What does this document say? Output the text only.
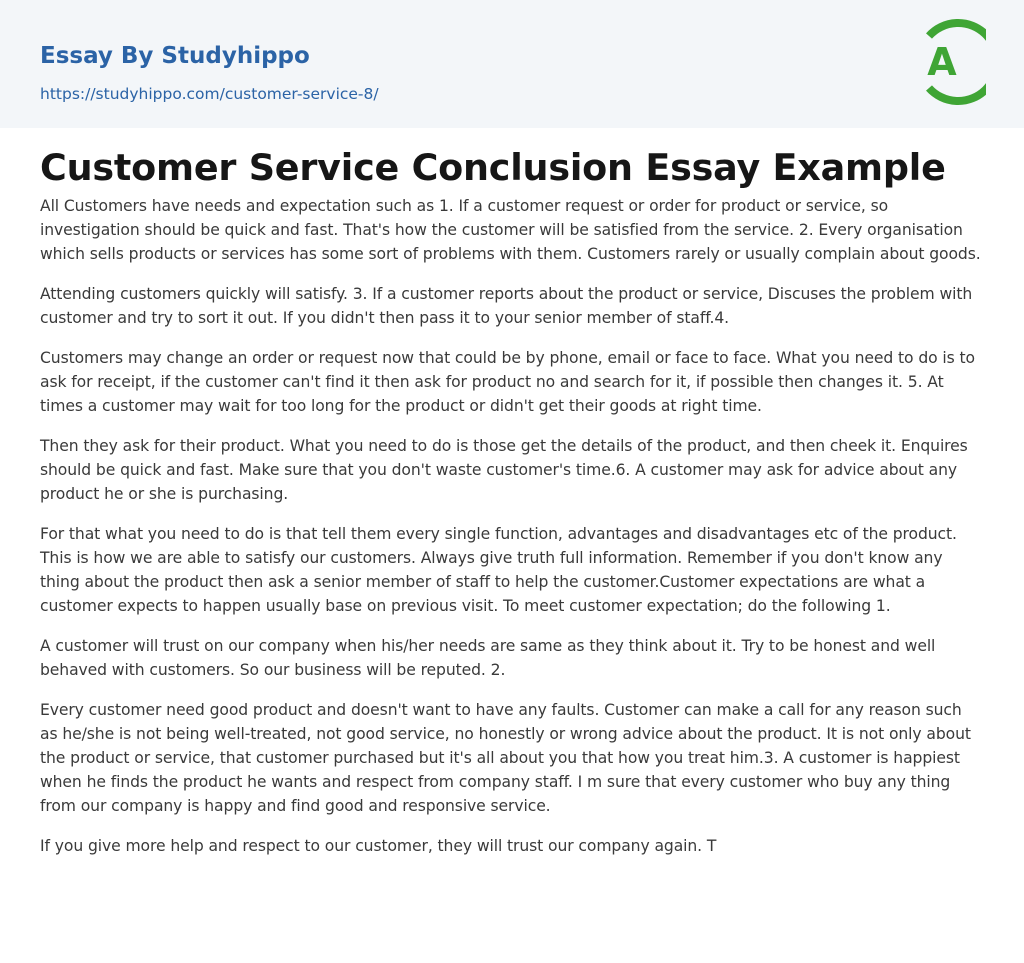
Essay By Studyhippo
https://studyhippo.com/customer-service-8/
A
Customer Service Conclusion Essay Example

All Customers have needs and expectation such as 1. If a customer request or order for product or service, so investigation should be quick and fast. That's how the customer will be satisfied from the service. 2. Every organisation which sells products or services has some sort of problems with them. Customers rarely or usually complain about goods.

Attending customers quickly will satisfy. 3. If a customer reports about the product or service, Discuses the problem with customer and try to sort it out. If you didn't then pass it to your senior member of staff.4.

Customers may change an order or request now that could be by phone, email or face to face. What you need to do is to ask for receipt, if the customer can't find it then ask for product no and search for it, if possible then changes it. 5. At times a customer may wait for too long for the product or didn't get their goods at right time.

Then they ask for their product. What you need to do is those get the details of the product, and then cheek it. Enquires should be quick and fast. Make sure that you don't waste customer's time.6. A customer may ask for advice about any product he or she is purchasing.

For that what you need to do is that tell them every single function, advantages and disadvantages etc of the product. This is how we are able to satisfy our customers. Always give truth full information. Remember if you don't know any thing about the product then ask a senior member of staff to help the customer.Customer expectations are what a customer expects to happen usually base on previous visit. To meet customer expectation; do the following 1.

A customer will trust on our company when his/her needs are same as they think about it. Try to be honest and well behaved with customers. So our business will be reputed. 2.

Every customer need good product and doesn't want to have any faults. Customer can make a call for any reason such as he/she is not being well-treated, not good service, no honestly or wrong advice about the product. It is not only about the product or service, that customer purchased but it's all about you that how you treat him.3. A customer is happiest when he finds the product he wants and respect from company staff. I m sure that every customer who buy any thing from our company is happy and find good and responsive service.

If you give more help and respect to our customer, they will trust our company again. T
